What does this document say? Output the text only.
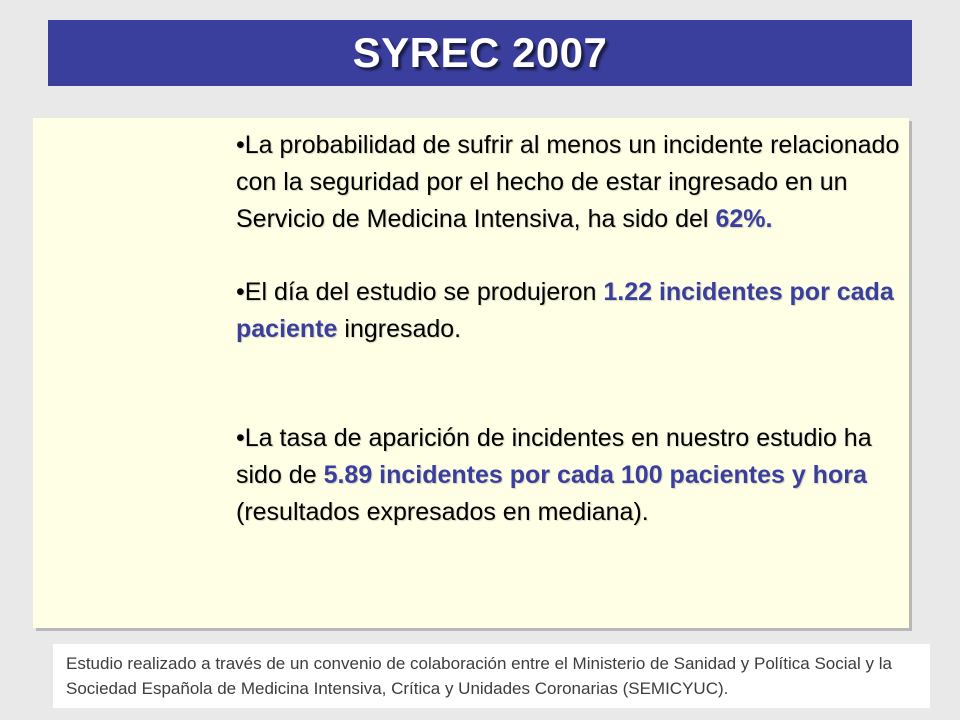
SYREC 2007

•La probabilidad de sufrir al menos un incidente relacionado con la seguridad por el hecho de estar ingresado en un Servicio de Medicina Intensiva, ha sido del 62%.

•El día del estudio se produjeron 1.22 incidentes por cada paciente ingresado.

•La tasa de aparición de incidentes en nuestro estudio ha sido de 5.89 incidentes por cada 100 pacientes y hora (resultados expresados en mediana).

Estudio realizado a través de un convenio de colaboración entre el Ministerio de Sanidad y Política Social y la Sociedad Española de Medicina Intensiva, Crítica y Unidades Coronarias (SEMICYUC).
